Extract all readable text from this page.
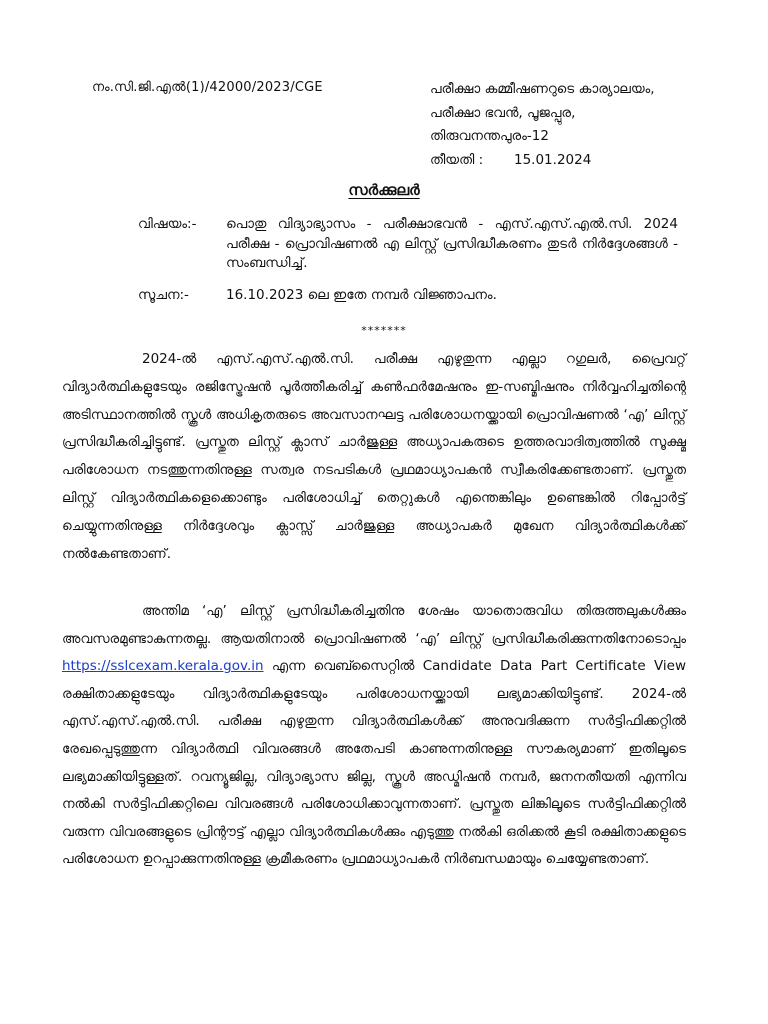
നം.സി.ജി.എൽ(1)/42000/2023/CGE	പരീക്ഷാ കമ്മീഷണറുടെ കാര്യാലയം,
പരീക്ഷാ ഭവൻ, പൂജപ്പുര,
തിരുവനന്തപുരം-12
തീയതി : 15.01.2024
സർക്കുലർ
വിഷയം:- പൊതു വിദ്യാഭ്യാസം - പരീക്ഷാഭവൻ - എസ്.എസ്.എൽ.സി. 2024 പരീക്ഷ - പ്രൊവിഷണൽ എ ലിസ്റ്റ് പ്രസിദ്ധീകരണം തുടർ നിർദ്ദേശങ്ങൾ - സംബന്ധിച്ച്.
സൂചന:-	16.10.2023 ലെ ഇതേ നമ്പർ വിജ്ഞാപനം.
*******
2024-ൽ എസ്.എസ്.എൽ.സി. പരീക്ഷ എഴുതുന്ന എല്ലാ റഗുലർ, പ്രൈവറ്റ് വിദ്യാർത്ഥികളുടേയും രജിസ്ട്രേഷൻ പൂർത്തീകരിച്ച് കൺഫർമേഷനും ഇ-സബ്മിഷനും നിർവ്വഹിച്ചതിന്റെ അടിസ്ഥാനത്തിൽ സ്കൂൾ അധികൃതരുടെ അവസാനഘട്ട പരിശോധനയ്ക്കായി പ്രൊവിഷണൽ ‘എ’ ലിസ്റ്റ് പ്രസിദ്ധീകരിച്ചിട്ടുണ്ട്. പ്രസ്തുത ലിസ്റ്റ് ക്ലാസ് ചാർജുള്ള അധ്യാപകരുടെ ഉത്തരവാദിത്വത്തിൽ സൂക്ഷ്മ പരിശോധന നടത്തുന്നതിനുള്ള സത്വര നടപടികൾ പ്രഥമാധ്യാപകൻ സ്വീകരിക്കേണ്ടതാണ്. പ്രസ്തുത ലിസ്റ്റ് വിദ്യാർത്ഥികളെക്കൊണ്ടും പരിശോധിച്ച് തെറ്റുകൾ എന്തെങ്കിലും ഉണ്ടെങ്കിൽ റിപ്പോർട്ട് ചെയ്യുന്നതിനുള്ള നിർദ്ദേശവും ക്ലാസ്സ് ചാർജുള്ള അധ്യാപകർ മുഖേന വിദ്യാർത്ഥികൾക്ക് നൽകേണ്ടതാണ്.
അന്തിമ ‘എ’ ലിസ്റ്റ് പ്രസിദ്ധീകരിച്ചതിനു ശേഷം യാതൊരുവിധ തിരുത്തലുകൾക്കും അവസരമുണ്ടാകുന്നതല്ല. ആയതിനാൽ പ്രൊവിഷണൽ ‘എ’ ലിസ്റ്റ് പ്രസിദ്ധീകരിക്കുന്നതിനോടൊപ്പം https://sslcexam.kerala.gov.in എന്ന വെബ്സൈറ്റിൽ Candidate Data Part Certificate View രക്ഷിതാക്കളുടേയും വിദ്യാർത്ഥികളുടേയും പരിശോധനയ്ക്കായി ലഭ്യമാക്കിയിട്ടുണ്ട്. 2024-ൽ എസ്.എസ്.എൽ.സി. പരീക്ഷ എഴുതുന്ന വിദ്യാർത്ഥികൾക്ക് അനുവദിക്കുന്ന സർട്ടിഫിക്കറ്റിൽ രേഖപ്പെടുത്തുന്ന വിദ്യാർത്ഥി വിവരങ്ങൾ അതേപടി കാണുന്നതിനുള്ള സൗകര്യമാണ് ഇതിലൂടെ ലഭ്യമാക്കിയിട്ടുള്ളത്. റവന്യൂജില്ല, വിദ്യാഭ്യാസ ജില്ല, സ്കൂൾ അഡ്മിഷൻ നമ്പർ, ജനനതീയതി എന്നിവ നൽകി സർട്ടിഫിക്കറ്റിലെ വിവരങ്ങൾ പരിശോധിക്കാവുന്നതാണ്. പ്രസ്തുത ലിങ്കിലൂടെ സർട്ടിഫിക്കറ്റിൽ വരുന്ന വിവരങ്ങളുടെ പ്രിന്റൗട്ട് എല്ലാ വിദ്യാർത്ഥികൾക്കും എടുത്തു നൽകി ഒരിക്കൽ കൂടി രക്ഷിതാക്കളുടെ പരിശോധന ഉറപ്പാക്കുന്നതിനുള്ള ക്രമീകരണം പ്രഥമാധ്യാപകർ നിർബന്ധമായും ചെയ്യേണ്ടതാണ്.
